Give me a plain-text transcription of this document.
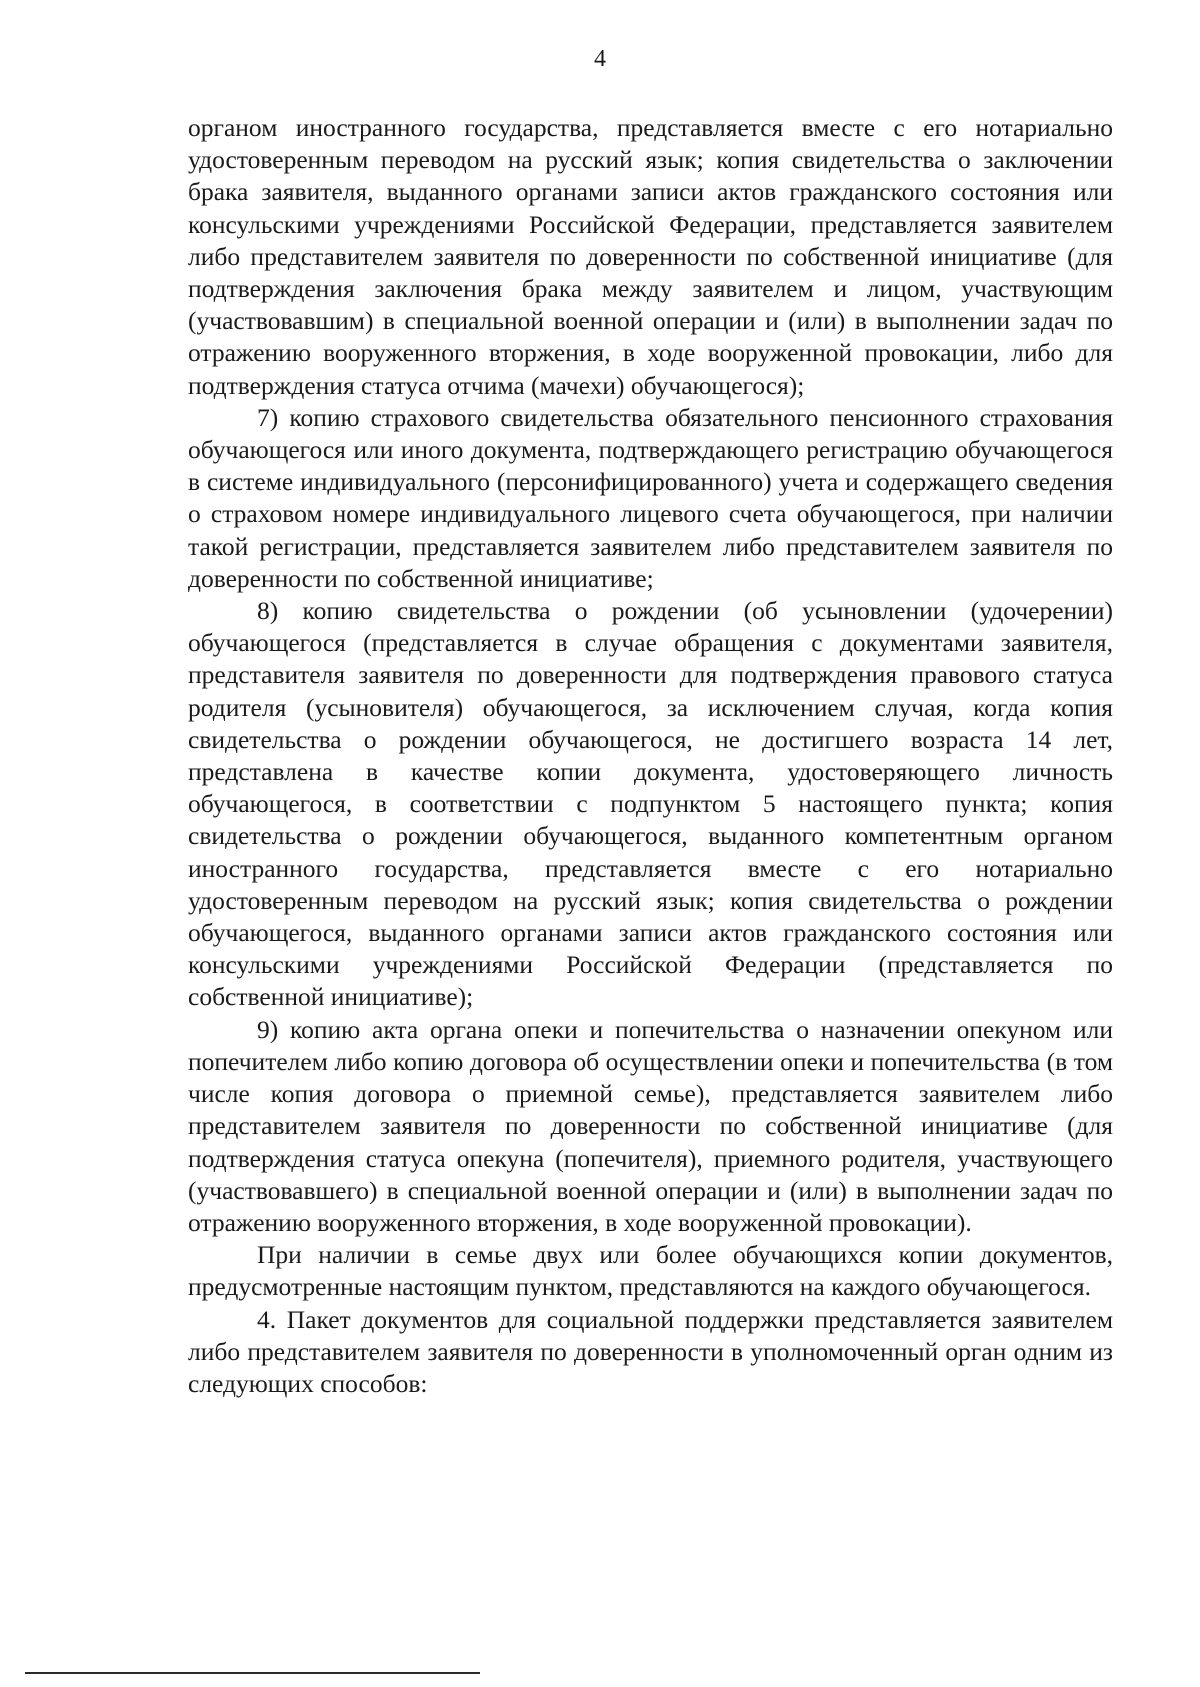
4

органом иностранного государства, представляется вместе с его нотариально удостоверенным переводом на русский язык; копия свидетельства о заключении брака заявителя, выданного органами записи актов гражданского состояния или консульскими учреждениями Российской Федерации, представляется заявителем либо представителем заявителя по доверенности по собственной инициативе (для подтверждения заключения брака между заявителем и лицом, участвующим (участвовавшим) в специальной военной операции и (или) в выполнении задач по отражению вооруженного вторжения, в ходе вооруженной провокации, либо для подтверждения статуса отчима (мачехи) обучающегося);

7) копию страхового свидетельства обязательного пенсионного страхования обучающегося или иного документа, подтверждающего регистрацию обучающегося в системе индивидуального (персонифицированного) учета и содержащего сведения о страховом номере индивидуального лицевого счета обучающегося, при наличии такой регистрации, представляется заявителем либо представителем заявителя по доверенности по собственной инициативе;

8) копию свидетельства о рождении (об усыновлении (удочерении) обучающегося (представляется в случае обращения с документами заявителя, представителя заявителя по доверенности для подтверждения правового статуса родителя (усыновителя) обучающегося, за исключением случая, когда копия свидетельства о рождении обучающегося, не достигшего возраста 14 лет, представлена в качестве копии документа, удостоверяющего личность обучающегося, в соответствии с подпунктом 5 настоящего пункта; копия свидетельства о рождении обучающегося, выданного компетентным органом иностранного государства, представляется вместе с его нотариально удостоверенным переводом на русский язык; копия свидетельства о рождении обучающегося, выданного органами записи актов гражданского состояния или консульскими учреждениями Российской Федерации (представляется по собственной инициативе);

9) копию акта органа опеки и попечительства о назначении опекуном или попечителем либо копию договора об осуществлении опеки и попечительства (в том числе копия договора о приемной семье), представляется заявителем либо представителем заявителя по доверенности по собственной инициативе (для подтверждения статуса опекуна (попечителя), приемного родителя, участвующего (участвовавшего) в специальной военной операции и (или) в выполнении задач по отражению вооруженного вторжения, в ходе вооруженной провокации).

При наличии в семье двух или более обучающихся копии документов, предусмотренные настоящим пунктом, представляются на каждого обучающегося.

4. Пакет документов для социальной поддержки представляется заявителем либо представителем заявителя по доверенности в уполномоченный орган одним из следующих способов:
